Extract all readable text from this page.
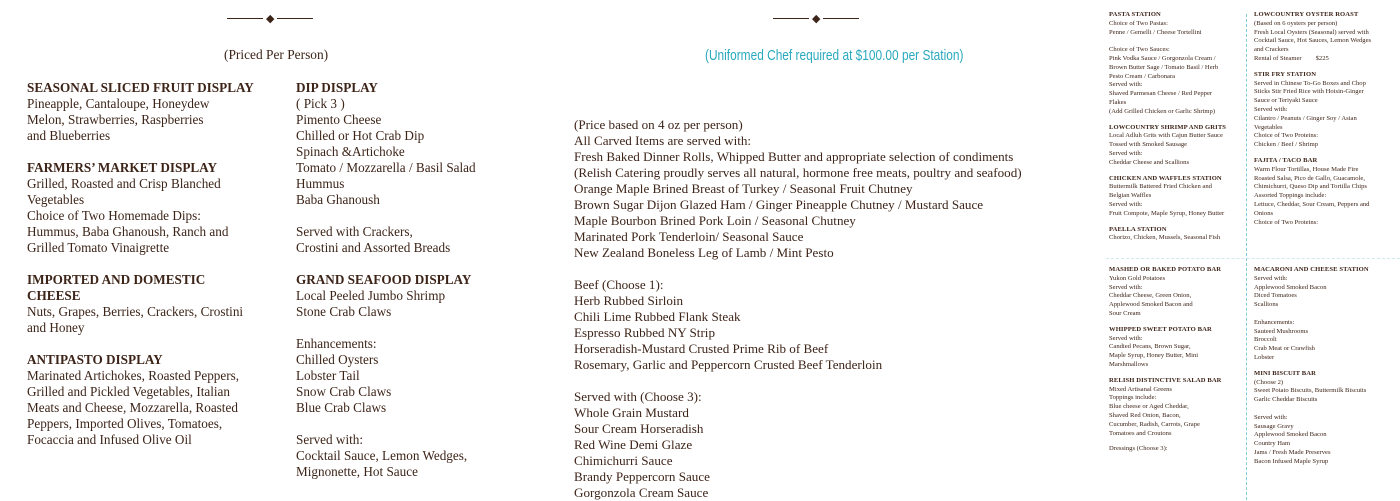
◆	◆
(Priced Per Person)
SEASONAL SLICED FRUIT DISPLAY
Pineapple, Cantaloupe, Honeydew
Melon, Strawberries, Raspberries
and Blueberries
FARMERS’ MARKET DISPLAY
Grilled, Roasted and Crisp Blanched
Vegetables
Choice of Two Homemade Dips:
Hummus, Baba Ghanoush, Ranch and
Grilled Tomato Vinaigrette
IMPORTED AND DOMESTIC CHEESE
Nuts, Grapes, Berries, Crackers, Crostini
and Honey
ANTIPASTO DISPLAY
Marinated Artichokes, Roasted Peppers,
Grilled and Pickled Vegetables, Italian
Meats and Cheese, Mozzarella, Roasted
Peppers, Imported Olives, Tomatoes,
Focaccia and Infused Olive Oil
DIP DISPLAY
( Pick 3 )
Pimento Cheese
Chilled or Hot Crab Dip
Spinach &Artichoke
Tomato / Mozzarella / Basil Salad
Hummus
Baba Ghanoush
Served with Crackers,
Crostini and Assorted Breads
GRAND SEAFOOD DISPLAY
Local Peeled Jumbo Shrimp
Stone Crab Claws
Enhancements:
Chilled Oysters
Lobster Tail
Snow Crab Claws
Blue Crab Claws
Served with:
Cocktail Sauce, Lemon Wedges,
Mignonette, Hot Sauce
(Uniformed Chef required at $100.00 per Station)
(Price based on 4 oz per person)
All Carved Items are served with:
Fresh Baked Dinner Rolls, Whipped Butter and appropriate selection of condiments
(Relish Catering proudly serves all natural, hormone free meats, poultry and seafood)
Orange Maple Brined Breast of Turkey / Seasonal Fruit Chutney
Brown Sugar Dijon Glazed Ham / Ginger Pineapple Chutney / Mustard Sauce
Maple Bourbon Brined Pork Loin / Seasonal Chutney
Marinated Pork Tenderloin/ Seasonal Sauce
New Zealand Boneless Leg of Lamb / Mint Pesto
Beef (Choose 1):
Herb Rubbed Sirloin
Chili Lime Rubbed Flank Steak
Espresso Rubbed NY Strip
Horseradish-Mustard Crusted Prime Rib of Beef
Rosemary, Garlic and Peppercorn Crusted Beef Tenderloin
Served with (Choose 3):
Whole Grain Mustard
Sour Cream Horseradish
Red Wine Demi Glaze
Chimichurri Sauce
Brandy Peppercorn Sauce
Gorgonzola Cream Sauce
PASTA STATION
Choice of Two Pastas:
Penne / Gemelli / Cheese Tortellini

Choice of Two Sauces:
Pink Vodka Sauce / Gorgonzola Cream /
Brown Butter Sage / Tomato Basil / Herb
Pesto Cream / Carbonara
Served with:
Shaved Parmesan Cheese / Red Pepper
Flakes
(Add Grilled Chicken or Garlic Shrimp)
LOWCOUNTRY SHRIMP AND GRITS
Local Adluh Grits with Cajun Butter Sauce
Tossed with Smoked Sausage
Served with:
Cheddar Cheese and Scallions
CHICKEN AND WAFFLES STATION
Buttermilk Battered Fried Chicken and
Belgian Waffles
Served with:
Fruit Compote, Maple Syrup, Honey Butter
PAELLA STATION
Chorizo, Chicken, Mussels, Seasonal Fish
LOWCOUNTRY OYSTER ROAST
(Based on 6 oysters per person)
Fresh Local Oysters (Seasonal) served with
Cocktail Sauce, Hot Sauces, Lemon Wedges
and Crackers
Rental of Steamer $225
STIR FRY STATION
Served in Chinese To-Go Boxes and Chop
Sticks Stir Fried Rice with Hoisin-Ginger
Sauce or Teriyaki Sauce
Served with:
Cilantro / Peanuts / Ginger Soy / Asian
Vegetables
Choice of Two Proteins:
Chicken / Beef / Shrimp
FAJITA / TACO BAR
Warm Flour Tortillas, House Made Fire
Roasted Salsa, Pico de Gallo, Guacamole,
Chimichurri, Queso Dip and Tortilla Chips
Assorted Toppings include:
Lettuce, Cheddar, Sour Cream, Peppers and
Onions
Choice of Two Proteins:
MASHED OR BAKED POTATO BAR
Yukon Gold Potatoes
Served with:
Cheddar Cheese, Green Onion,
Applewood Smoked Bacon and
Sour Cream
WHIPPED SWEET POTATO BAR
Served with:
Candied Pecans, Brown Sugar,
Maple Syrup, Honey Butter, Mini
Marshmallows
RELISH DISTINCTIVE SALAD BAR
Mixed Artisanal Greens
Toppings include:
Blue cheese or Aged Cheddar,
Shaved Red Onion, Bacon,
Cucumber, Radish, Carrots, Grape
Tomatoes and Croutons
Dressings (Choose 3):
MACARONI AND CHEESE STATION
Served with:
Applewood Smoked Bacon
Diced Tomatoes
Scallions

Enhancements:
Sauteed Mushrooms
Broccoli
Crab Meat or Crawfish
Lobster
MINI BISCUIT BAR
(Choose 2)
Sweet Potato Biscuits, Buttermilk Biscuits
Garlic Cheddar Biscuits

Served with:
Sausage Gravy
Applewood Smoked Bacon
Country Ham
Jams / Fresh Made Preserves
Bacon Infused Maple Syrup
